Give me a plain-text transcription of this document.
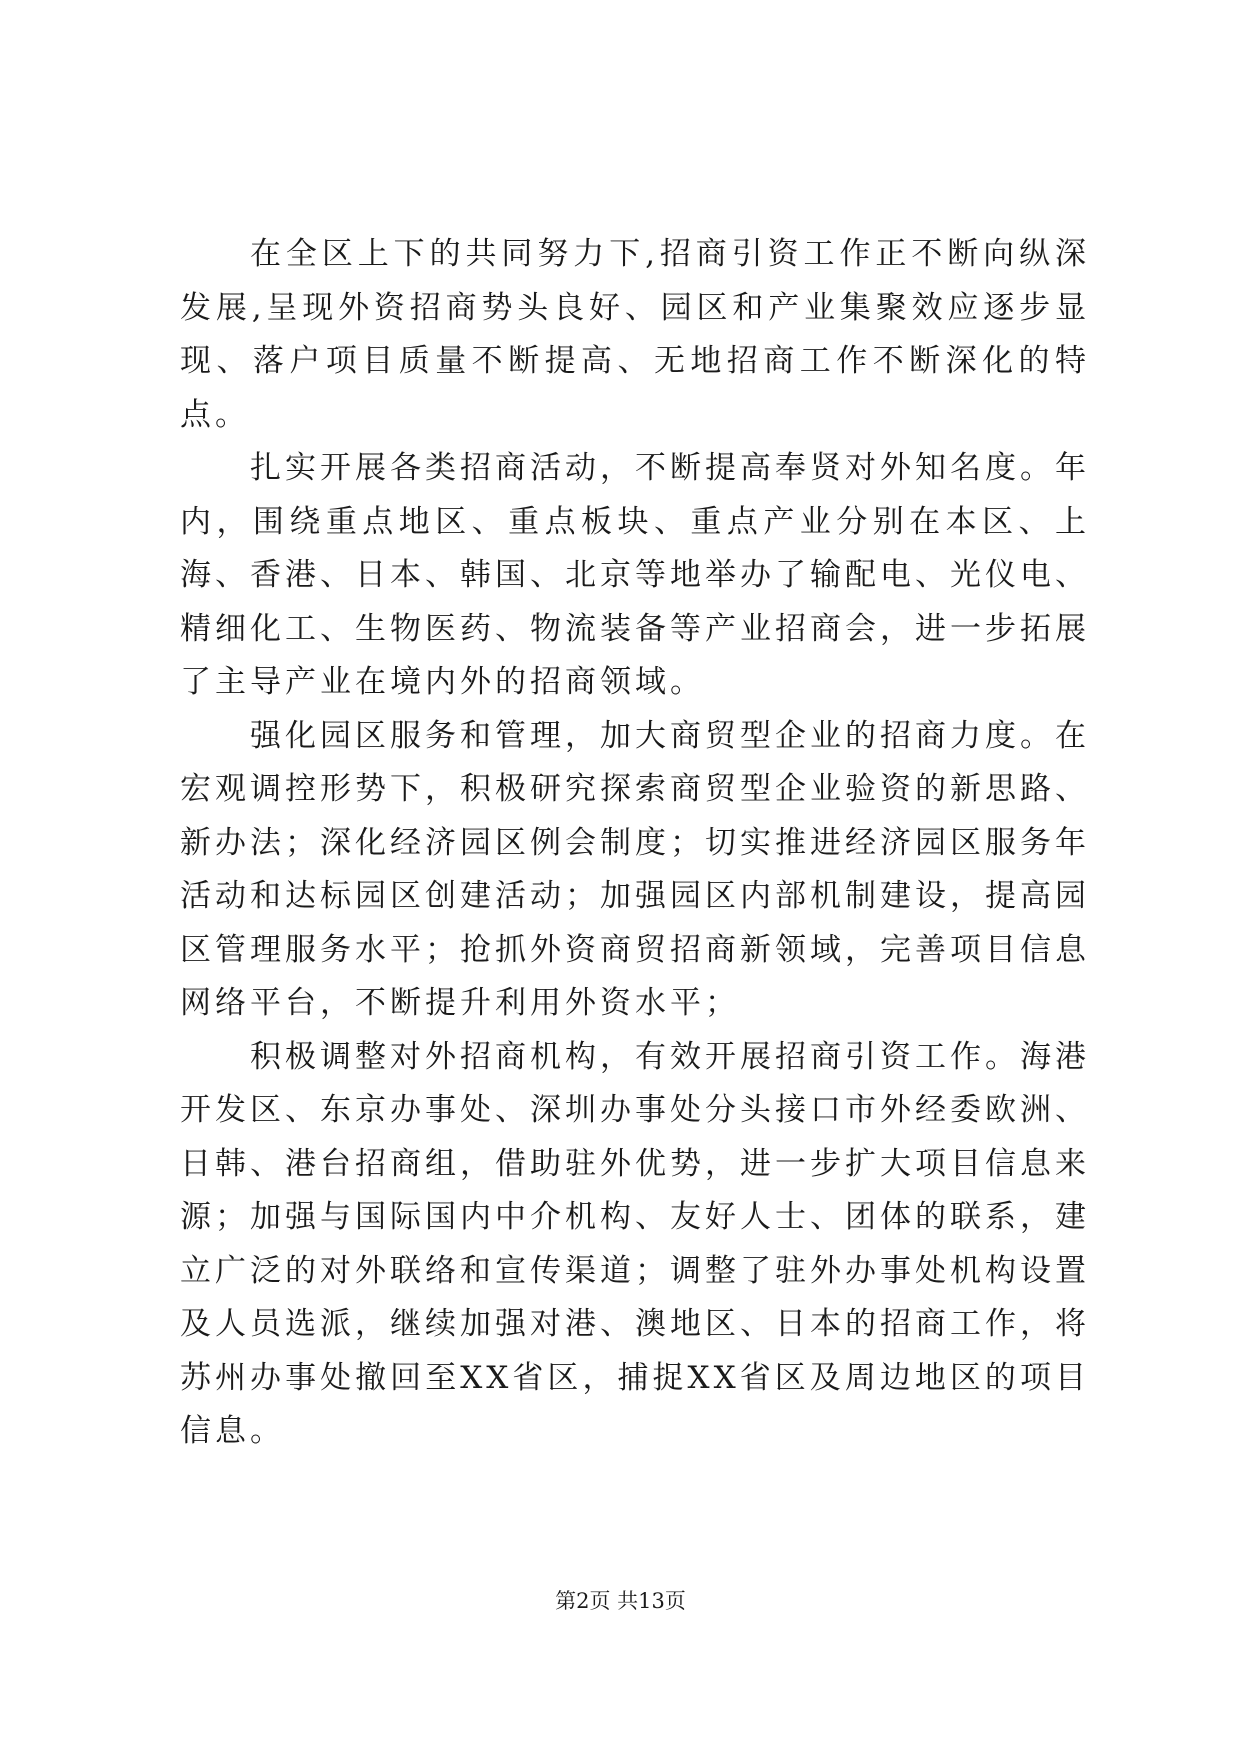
在全区上下的共同努力下,招商引资工作正不断向纵深发展,呈现外资招商势头良好、园区和产业集聚效应逐步显现、落户项目质量不断提高、无地招商工作不断深化的特点。

扎实开展各类招商活动，不断提高奉贤对外知名度。年内，围绕重点地区、重点板块、重点产业分别在本区、上海、香港、日本、韩国、北京等地举办了输配电、光仪电、精细化工、生物医药、物流装备等产业招商会，进一步拓展了主导产业在境内外的招商领域。

强化园区服务和管理，加大商贸型企业的招商力度。在宏观调控形势下，积极研究探索商贸型企业验资的新思路、新办法；深化经济园区例会制度；切实推进经济园区服务年活动和达标园区创建活动；加强园区内部机制建设，提高园区管理服务水平；抢抓外资商贸招商新领域，完善项目信息网络平台，不断提升利用外资水平；

积极调整对外招商机构，有效开展招商引资工作。海港开发区、东京办事处、深圳办事处分头接口市外经委欧洲、日韩、港台招商组，借助驻外优势，进一步扩大项目信息来源；加强与国际国内中介机构、友好人士、团体的联系，建立广泛的对外联络和宣传渠道；调整了驻外办事处机构设置及人员选派，继续加强对港、澳地区、日本的招商工作，将苏州办事处撤回至XX省区，捕捉XX省区及周边地区的项目信息。

第2页 共13页
